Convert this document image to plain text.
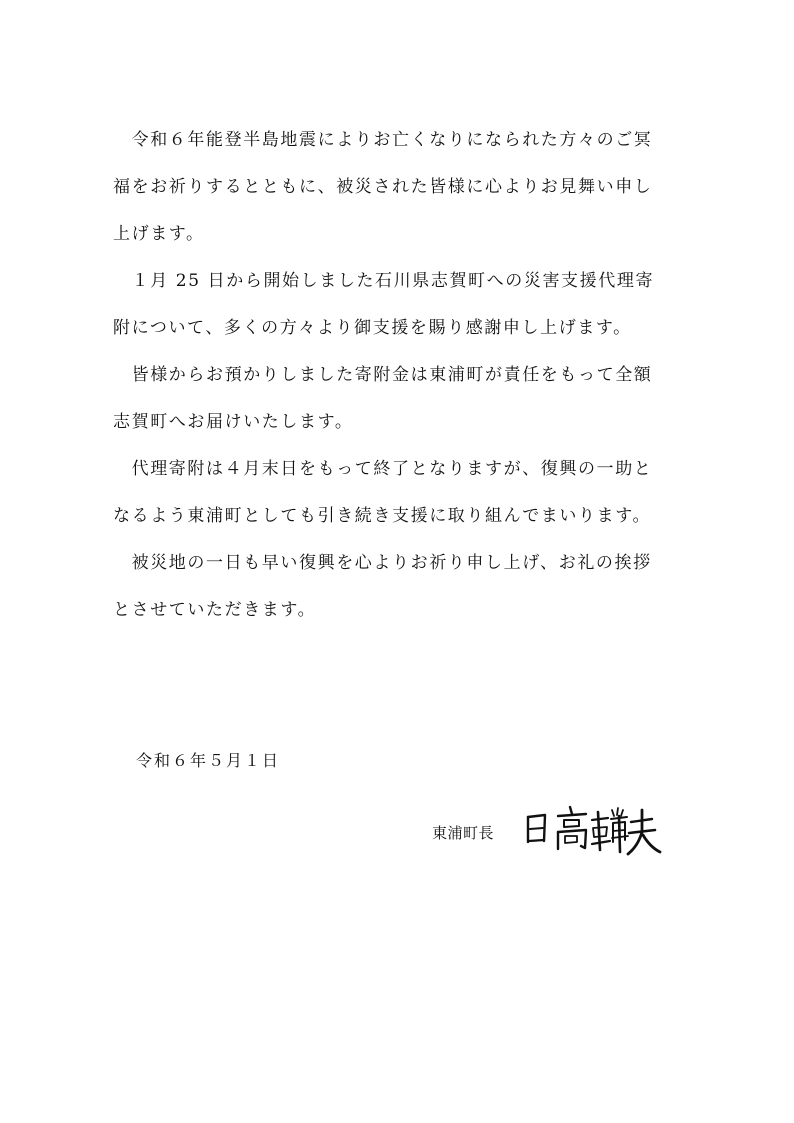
　令和６年能登半島地震によりお亡くなりになられた方々のご冥
福をお祈りするとともに、被災された皆様に心よりお見舞い申し
上げます。
　１月 25 日から開始しました石川県志賀町への災害支援代理寄
附について、多くの方々より御支援を賜り感謝申し上げます。
　皆様からお預かりしました寄附金は東浦町が責任をもって全額
志賀町へお届けいたします。
　代理寄附は４月末日をもって終了となりますが、復興の一助と
なるよう東浦町としても引き続き支援に取り組んでまいります。
　被災地の一日も早い復興を心よりお祈り申し上げ、お礼の挨拶
とさせていただきます。
令和６年５月１日
東浦町長
